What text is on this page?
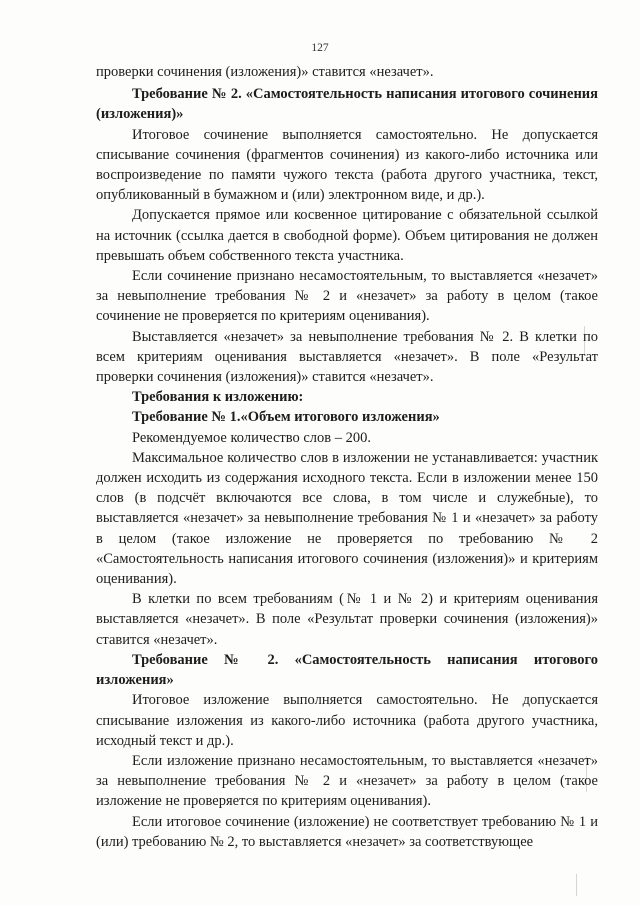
127

проверки сочинения (изложения)» ставится «незачет».

Требование № 2. «Самостоятельность написания итогового сочинения (изложения)»

Итоговое сочинение выполняется самостоятельно. Не допускается списывание сочинения (фрагментов сочинения) из какого-либо источника или воспроизведение по памяти чужого текста (работа другого участника, текст, опубликованный в бумажном и (или) электронном виде, и др.).

Допускается прямое или косвенное цитирование с обязательной ссылкой на источник (ссылка дается в свободной форме). Объем цитирования не должен превышать объем собственного текста участника.

Если сочинение признано несамостоятельным, то выставляется «незачет» за невыполнение требования № 2 и «незачет» за работу в целом (такое сочинение не проверяется по критериям оценивания).

Выставляется «незачет» за невыполнение требования № 2. В клетки по всем критериям оценивания выставляется «незачет». В поле «Результат проверки сочинения (изложения)» ставится «незачет».

Требования к изложению:

Требование № 1.«Объем итогового изложения»

Рекомендуемое количество слов – 200.

Максимальное количество слов в изложении не устанавливается: участник должен исходить из содержания исходного текста. Если в изложении менее 150 слов (в подсчёт включаются все слова, в том числе и служебные), то выставляется «незачет» за невыполнение требования № 1 и «незачет» за работу в целом (такое изложение не проверяется по требованию № 2 «Самостоятельность написания итогового сочинения (изложения)» и критериям оценивания).

В клетки по всем требованиям (№ 1 и № 2) и критериям оценивания выставляется «незачет». В поле «Результат проверки сочинения (изложения)» ставится «незачет».

Требование № 2. «Самостоятельность написания итогового изложения»

Итоговое изложение выполняется самостоятельно. Не допускается списывание изложения из какого-либо источника (работа другого участника, исходный текст и др.).

Если изложение признано несамостоятельным, то выставляется «незачет» за невыполнение требования № 2 и «незачет» за работу в целом (такое изложение не проверяется по критериям оценивания).

Если итоговое сочинение (изложение) не соответствует требованию № 1 и (или) требованию № 2, то выставляется «незачет» за соответствующее
